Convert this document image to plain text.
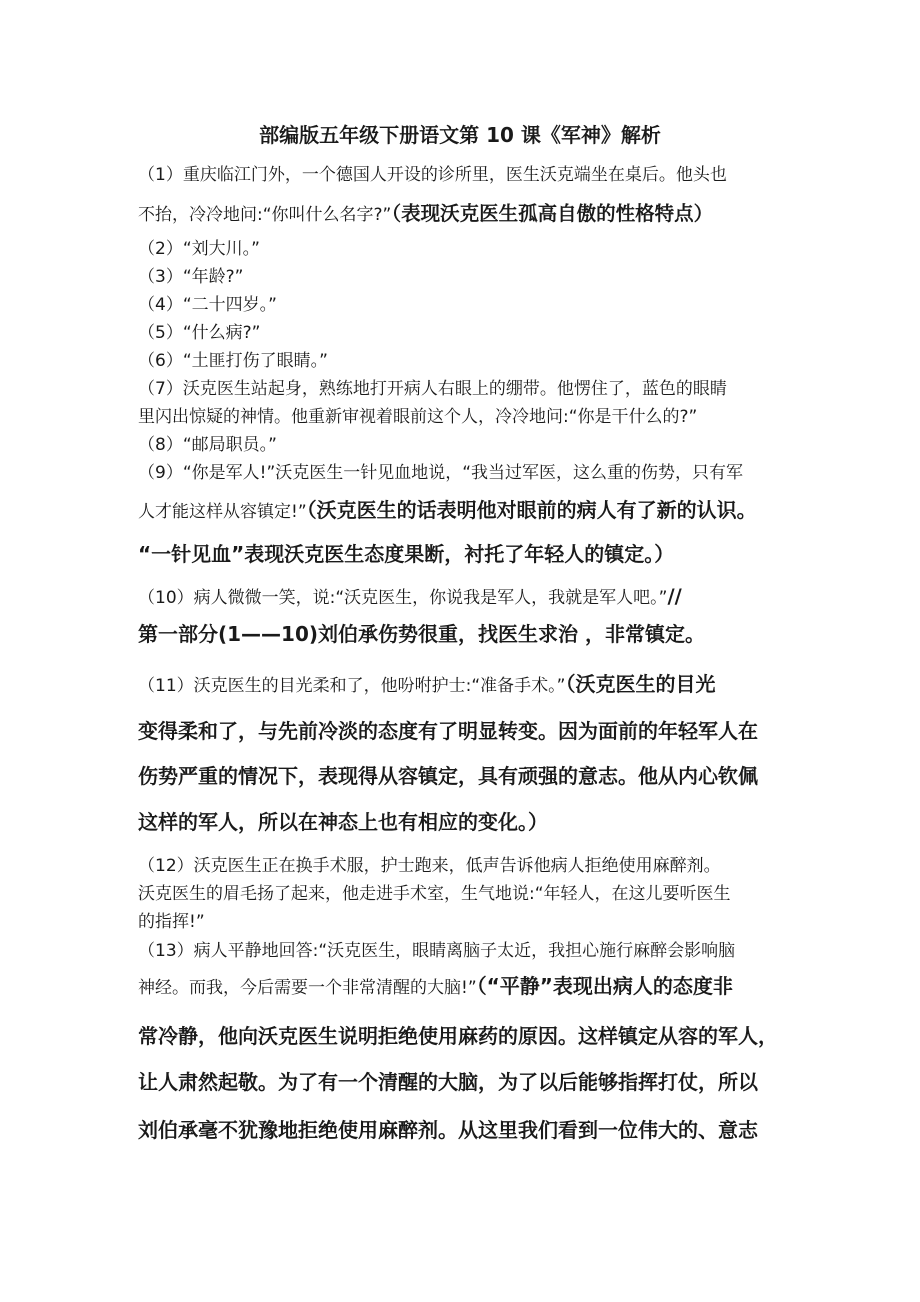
部编版五年级下册语文第 10 课《军神》解析

（1）重庆临江门外，一个德国人开设的诊所里，医生沃克端坐在桌后。他头也

不抬，冷冷地问:“你叫什么名字?”（表现沃克医生孤高自傲的性格特点）

（2）“刘大川。”

（3）“年龄?”

（4）“二十四岁。”

（5）“什么病?”

（6）“土匪打伤了眼睛。”

（7）沃克医生站起身，熟练地打开病人右眼上的绷带。他愣住了，蓝色的眼睛

里闪出惊疑的神情。他重新审视着眼前这个人，冷冷地问:“你是干什么的?”

（8）“邮局职员。”

（9）“你是军人!”沃克医生一针见血地说，“我当过军医，这么重的伤势，只有军

人才能这样从容镇定!”（沃克医生的话表明他对眼前的病人有了新的认识。

“一针见血”表现沃克医生态度果断，衬托了年轻人的镇定。）

（10）病人微微一笑，说:“沃克医生，你说我是军人，我就是军人吧。”//

第一部分(1——10)刘伯承伤势很重，找医生求治 ，非常镇定。

（11）沃克医生的目光柔和了，他吩咐护士:“准备手术。”（沃克医生的目光

变得柔和了，与先前冷淡的态度有了明显转变。因为面前的年轻军人在

伤势严重的情况下，表现得从容镇定，具有顽强的意志。他从内心钦佩

这样的军人，所以在神态上也有相应的变化。）

（12）沃克医生正在换手术服，护士跑来，低声告诉他病人拒绝使用麻醉剂。

沃克医生的眉毛扬了起来，他走进手术室，生气地说:“年轻人，在这儿要听医生

的指挥!”

（13）病人平静地回答:“沃克医生，眼睛离脑子太近，我担心施行麻醉会影响脑

神经。而我，今后需要一个非常清醒的大脑!”（“平静”表现出病人的态度非

常冷静，他向沃克医生说明拒绝使用麻药的原因。这样镇定从容的军人，

让人肃然起敬。为了有一个清醒的大脑，为了以后能够指挥打仗，所以

刘伯承毫不犹豫地拒绝使用麻醉剂。从这里我们看到一位伟大的、意志
